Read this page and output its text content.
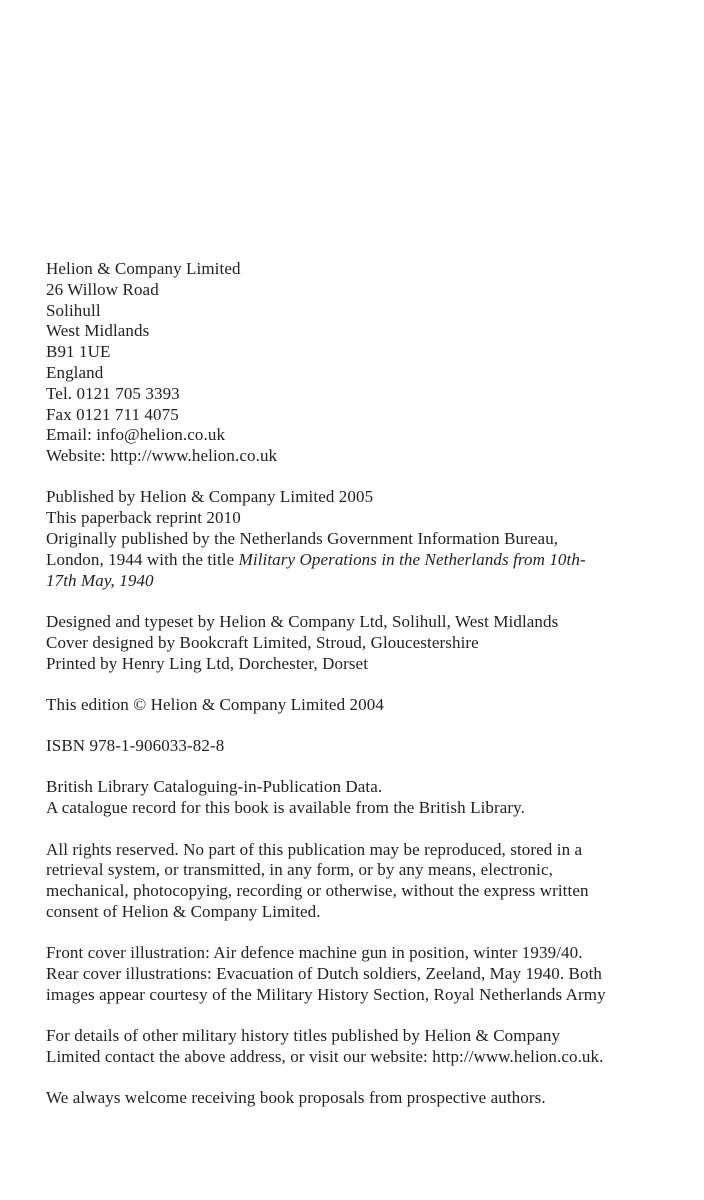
Helion & Company Limited
26 Willow Road
Solihull
West Midlands
B91 1UE
England
Tel. 0121 705 3393
Fax 0121 711 4075
Email: info@helion.co.uk
Website: http://www.helion.co.uk
Published by Helion & Company Limited 2005
This paperback reprint 2010
Originally published by the Netherlands Government Information Bureau,
London, 1944 with the title Military Operations in the Netherlands from 10th-
17th May, 1940
Designed and typeset by Helion & Company Ltd, Solihull, West Midlands
Cover designed by Bookcraft Limited, Stroud, Gloucestershire
Printed by Henry Ling Ltd, Dorchester, Dorset
This edition © Helion & Company Limited 2004
ISBN 978-1-906033-82-8
British Library Cataloguing-in-Publication Data.
A catalogue record for this book is available from the British Library.
All rights reserved. No part of this publication may be reproduced, stored in a
retrieval system, or transmitted, in any form, or by any means, electronic,
mechanical, photocopying, recording or otherwise, without the express written
consent of Helion & Company Limited.
Front cover illustration: Air defence machine gun in position, winter 1939/40.
Rear cover illustrations: Evacuation of Dutch soldiers, Zeeland, May 1940. Both
images appear courtesy of the Military History Section, Royal Netherlands Army
For details of other military history titles published by Helion & Company
Limited contact the above address, or visit our website: http://www.helion.co.uk.
We always welcome receiving book proposals from prospective authors.
